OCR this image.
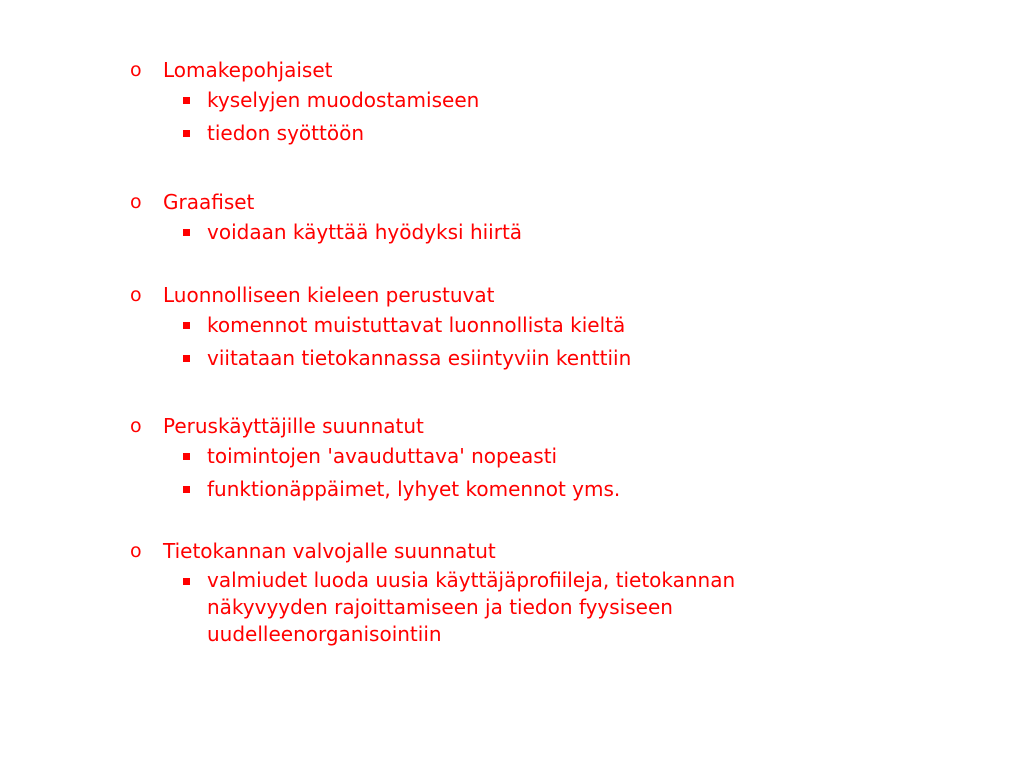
o Lomakepohjaiset
kyselyjen muodostamiseen
tiedon syöttöön
o Graafiset
voidaan käyttää hyödyksi hiirtä
o Luonnolliseen kieleen perustuvat
komennot muistuttavat luonnollista kieltä
viitataan tietokannassa esiintyviin kenttiin
o Peruskäyttäjille suunnatut
toimintojen 'avauduttava' nopeasti
funktionäppäimet, lyhyet komennot yms.
o Tietokannan valvojalle suunnatut
valmiudet luoda uusia käyttäjäprofiileja, tietokannan näkyvyyden rajoittamiseen ja tiedon fyysiseen uudelleenorganisointiin
